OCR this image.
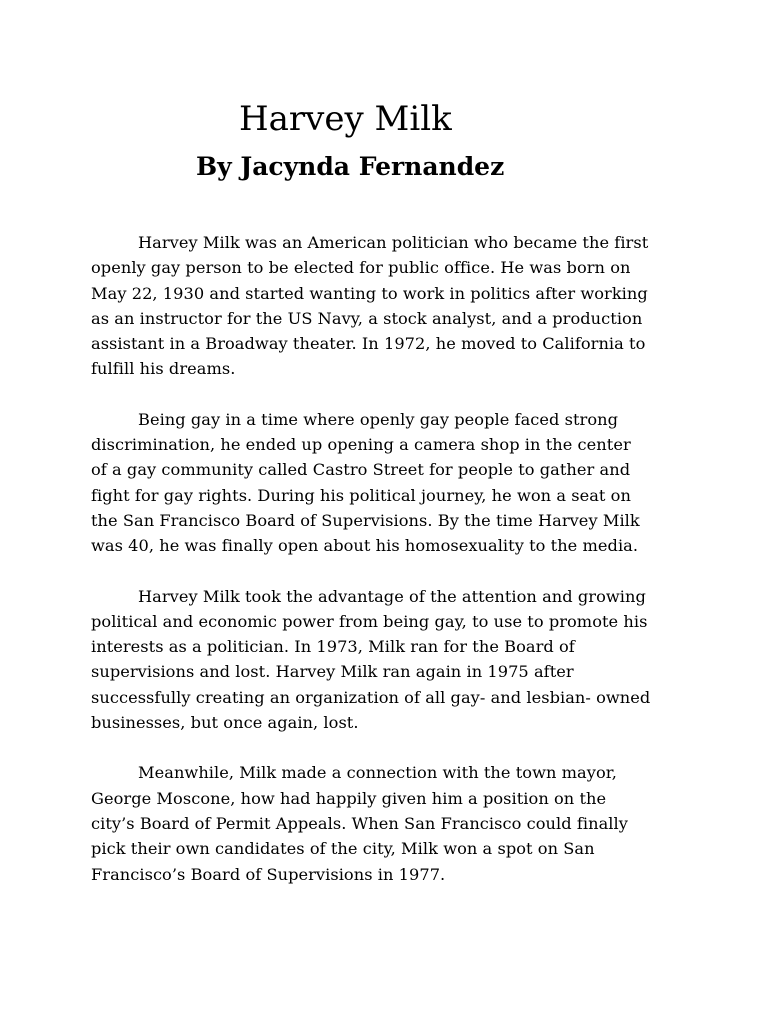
Harvey Milk
By Jacynda Fernandez

Harvey Milk was an American politician who became the first
openly gay person to be elected for public office. He was born on
May 22, 1930 and started wanting to work in politics after working
as an instructor for the US Navy, a stock analyst, and a production
assistant in a Broadway theater. In 1972, he moved to California to
fulfill his dreams.

Being gay in a time where openly gay people faced strong
discrimination, he ended up opening a camera shop in the center
of a gay community called Castro Street for people to gather and
fight for gay rights. During his political journey, he won a seat on
the San Francisco Board of Supervisions. By the time Harvey Milk
was 40, he was finally open about his homosexuality to the media.

Harvey Milk took the advantage of the attention and growing
political and economic power from being gay, to use to promote his
interests as a politician. In 1973, Milk ran for the Board of
supervisions and lost. Harvey Milk ran again in 1975 after
successfully creating an organization of all gay- and lesbian- owned
businesses, but once again, lost.

Meanwhile, Milk made a connection with the town mayor,
George Moscone, how had happily given him a position on the
city’s Board of Permit Appeals. When San Francisco could finally
pick their own candidates of the city, Milk won a spot on San
Francisco’s Board of Supervisions in 1977.
